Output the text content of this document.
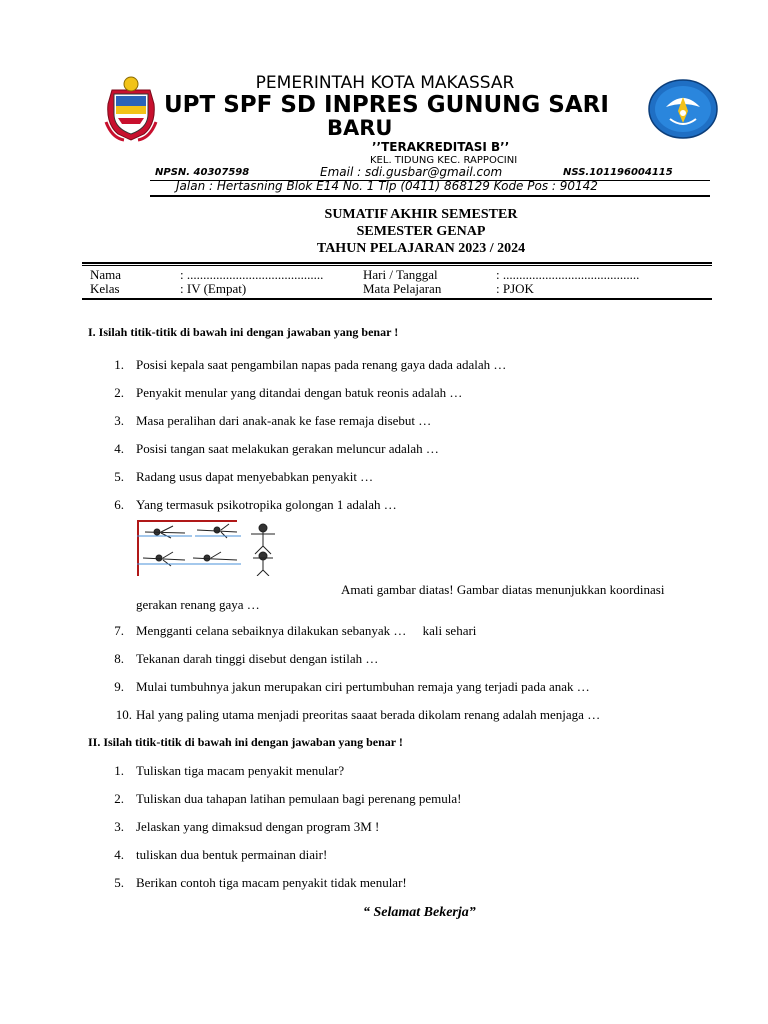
PEMERINTAH KOTA MAKASSAR
UPT SPF SD INPRES GUNUNG SARI
BARU
’’TERAKREDITASI B’’
KEL. TIDUNG KEC. RAPPOCINI
NPSN. 40307598	Email : sdi.gusbar@gmail.com	NSS.101196004115
Jalan : Hertasning Blok E14 No. 1 Tlp (0411) 868129 Kode Pos : 90142
SUMATIF AKHIR SEMESTER
SEMESTER GENAP
TAHUN PELAJARAN 2023 / 2024
Nama	: ..........................................	Hari / Tanggal	: ..........................................
Kelas	: IV (Empat)	Mata Pelajaran	: PJOK
I. Isilah titik-titik di bawah ini dengan jawaban yang benar !
1. Posisi kepala saat pengambilan napas pada renang gaya dada adalah …
2. Penyakit menular yang ditandai dengan batuk reonis adalah …
3. Masa peralihan dari anak-anak ke fase remaja disebut …
4. Posisi tangan saat melakukan gerakan meluncur adalah …
5. Radang usus dapat menyebabkan penyakit …
6. Yang termasuk psikotropika golongan 1 adalah …
Amati gambar diatas! Gambar diatas menunjukkan koordinasi
gerakan renang gaya …
7. Mengganti celana sebaiknya dilakukan sebanyak …     kali sehari
8. Tekanan darah tinggi disebut dengan istilah …
9. Mulai tumbuhnya jakun merupakan ciri pertumbuhan remaja yang terjadi pada anak …
10. Hal yang paling utama menjadi preoritas saaat berada dikolam renang adalah menjaga …
II. Isilah titik-titik di bawah ini dengan jawaban yang benar !
1. Tuliskan tiga macam penyakit menular?
2. Tuliskan dua tahapan latihan pemulaan bagi perenang pemula!
3. Jelaskan yang dimaksud dengan program 3M !
4. tuliskan dua bentuk permainan diair!
5. Berikan contoh tiga macam penyakit tidak menular!
“ Selamat Bekerja”
